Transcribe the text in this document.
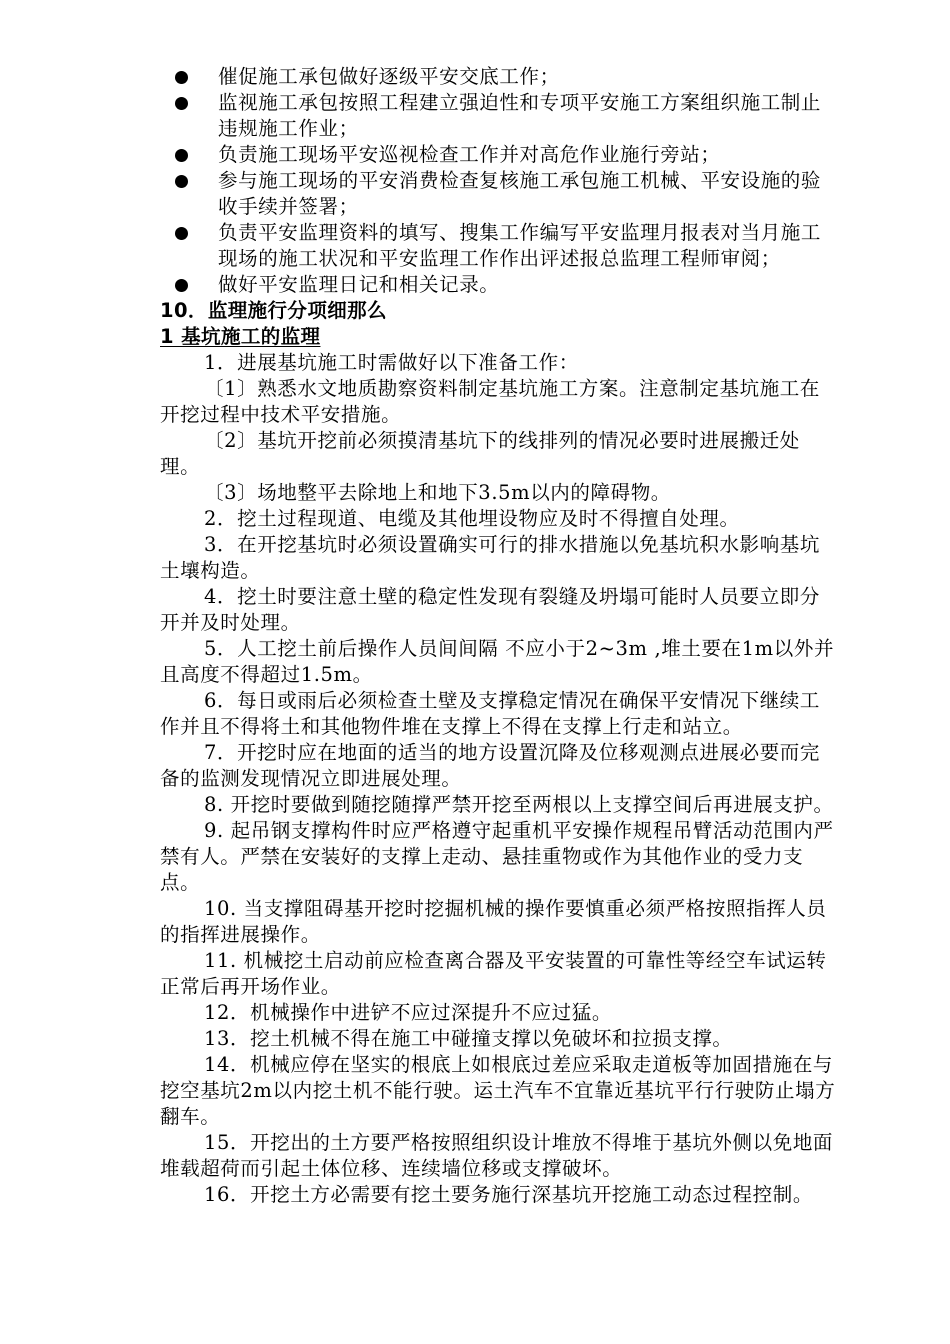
催促施工承包做好逐级平安交底工作；
监视施工承包按照工程建立强迫性和专项平安施工方案组织施工制止违规施工作业；
负责施工现场平安巡视检查工作并对高危作业施行旁站；
参与施工现场的平安消费检查复核施工承包施工机械、平安设施的验收手续并签署；
负责平安监理资料的填写、搜集工作编写平安监理月报表对当月施工现场的施工状况和平安监理工作作出评述报总监理工程师审阅；
做好平安监理日记和相关记录。

10．监理施行分项细那么

1 基坑施工的监理

1．进展基坑施工时需做好以下准备工作：

〔1〕熟悉水文地质勘察资料制定基坑施工方案。注意制定基坑施工在开挖过程中技术平安措施。

〔2〕基坑开挖前必须摸清基坑下的线排列的情况必要时进展搬迁处理。

〔3〕场地整平去除地上和地下3.5m以内的障碍物。

2．挖土过程现道、电缆及其他埋设物应及时不得擅自处理。

3．在开挖基坑时必须设置确实可行的排水措施以免基坑积水影响基坑土壤构造。

4．挖土时要注意土壁的稳定性发现有裂缝及坍塌可能时人员要立即分开并及时处理。

5．人工挖土前后操作人员间间隔 不应小于2~3m ,堆土要在1m以外并且高度不得超过1.5m。

6．每日或雨后必须检查土壁及支撑稳定情况在确保平安情况下继续工作并且不得将土和其他物件堆在支撑上不得在支撑上行走和站立。

7．开挖时应在地面的适当的地方设置沉降及位移观测点进展必要而完备的监测发现情况立即进展处理。

8. 开挖时要做到随挖随撑严禁开挖至两根以上支撑空间后再进展支护。

9. 起吊钢支撑构件时应严格遵守起重机平安操作规程吊臂活动范围内严禁有人。严禁在安装好的支撑上走动、悬挂重物或作为其他作业的受力支点。

10. 当支撑阻碍基开挖时挖掘机械的操作要慎重必须严格按照指挥人员的指挥进展操作。

11. 机械挖土启动前应检查离合器及平安装置的可靠性等经空车试运转正常后再开场作业。

12．机械操作中进铲不应过深提升不应过猛。

13．挖土机械不得在施工中碰撞支撑以免破坏和拉损支撑。

14．机械应停在坚实的根底上如根底过差应采取走道板等加固措施在与挖空基坑2m以内挖土机不能行驶。运土汽车不宜靠近基坑平行行驶防止塌方翻车。

15．开挖出的土方要严格按照组织设计堆放不得堆于基坑外侧以免地面堆载超荷而引起土体位移、连续墙位移或支撑破坏。

16．开挖土方必需要有挖土要务施行深基坑开挖施工动态过程控制。
